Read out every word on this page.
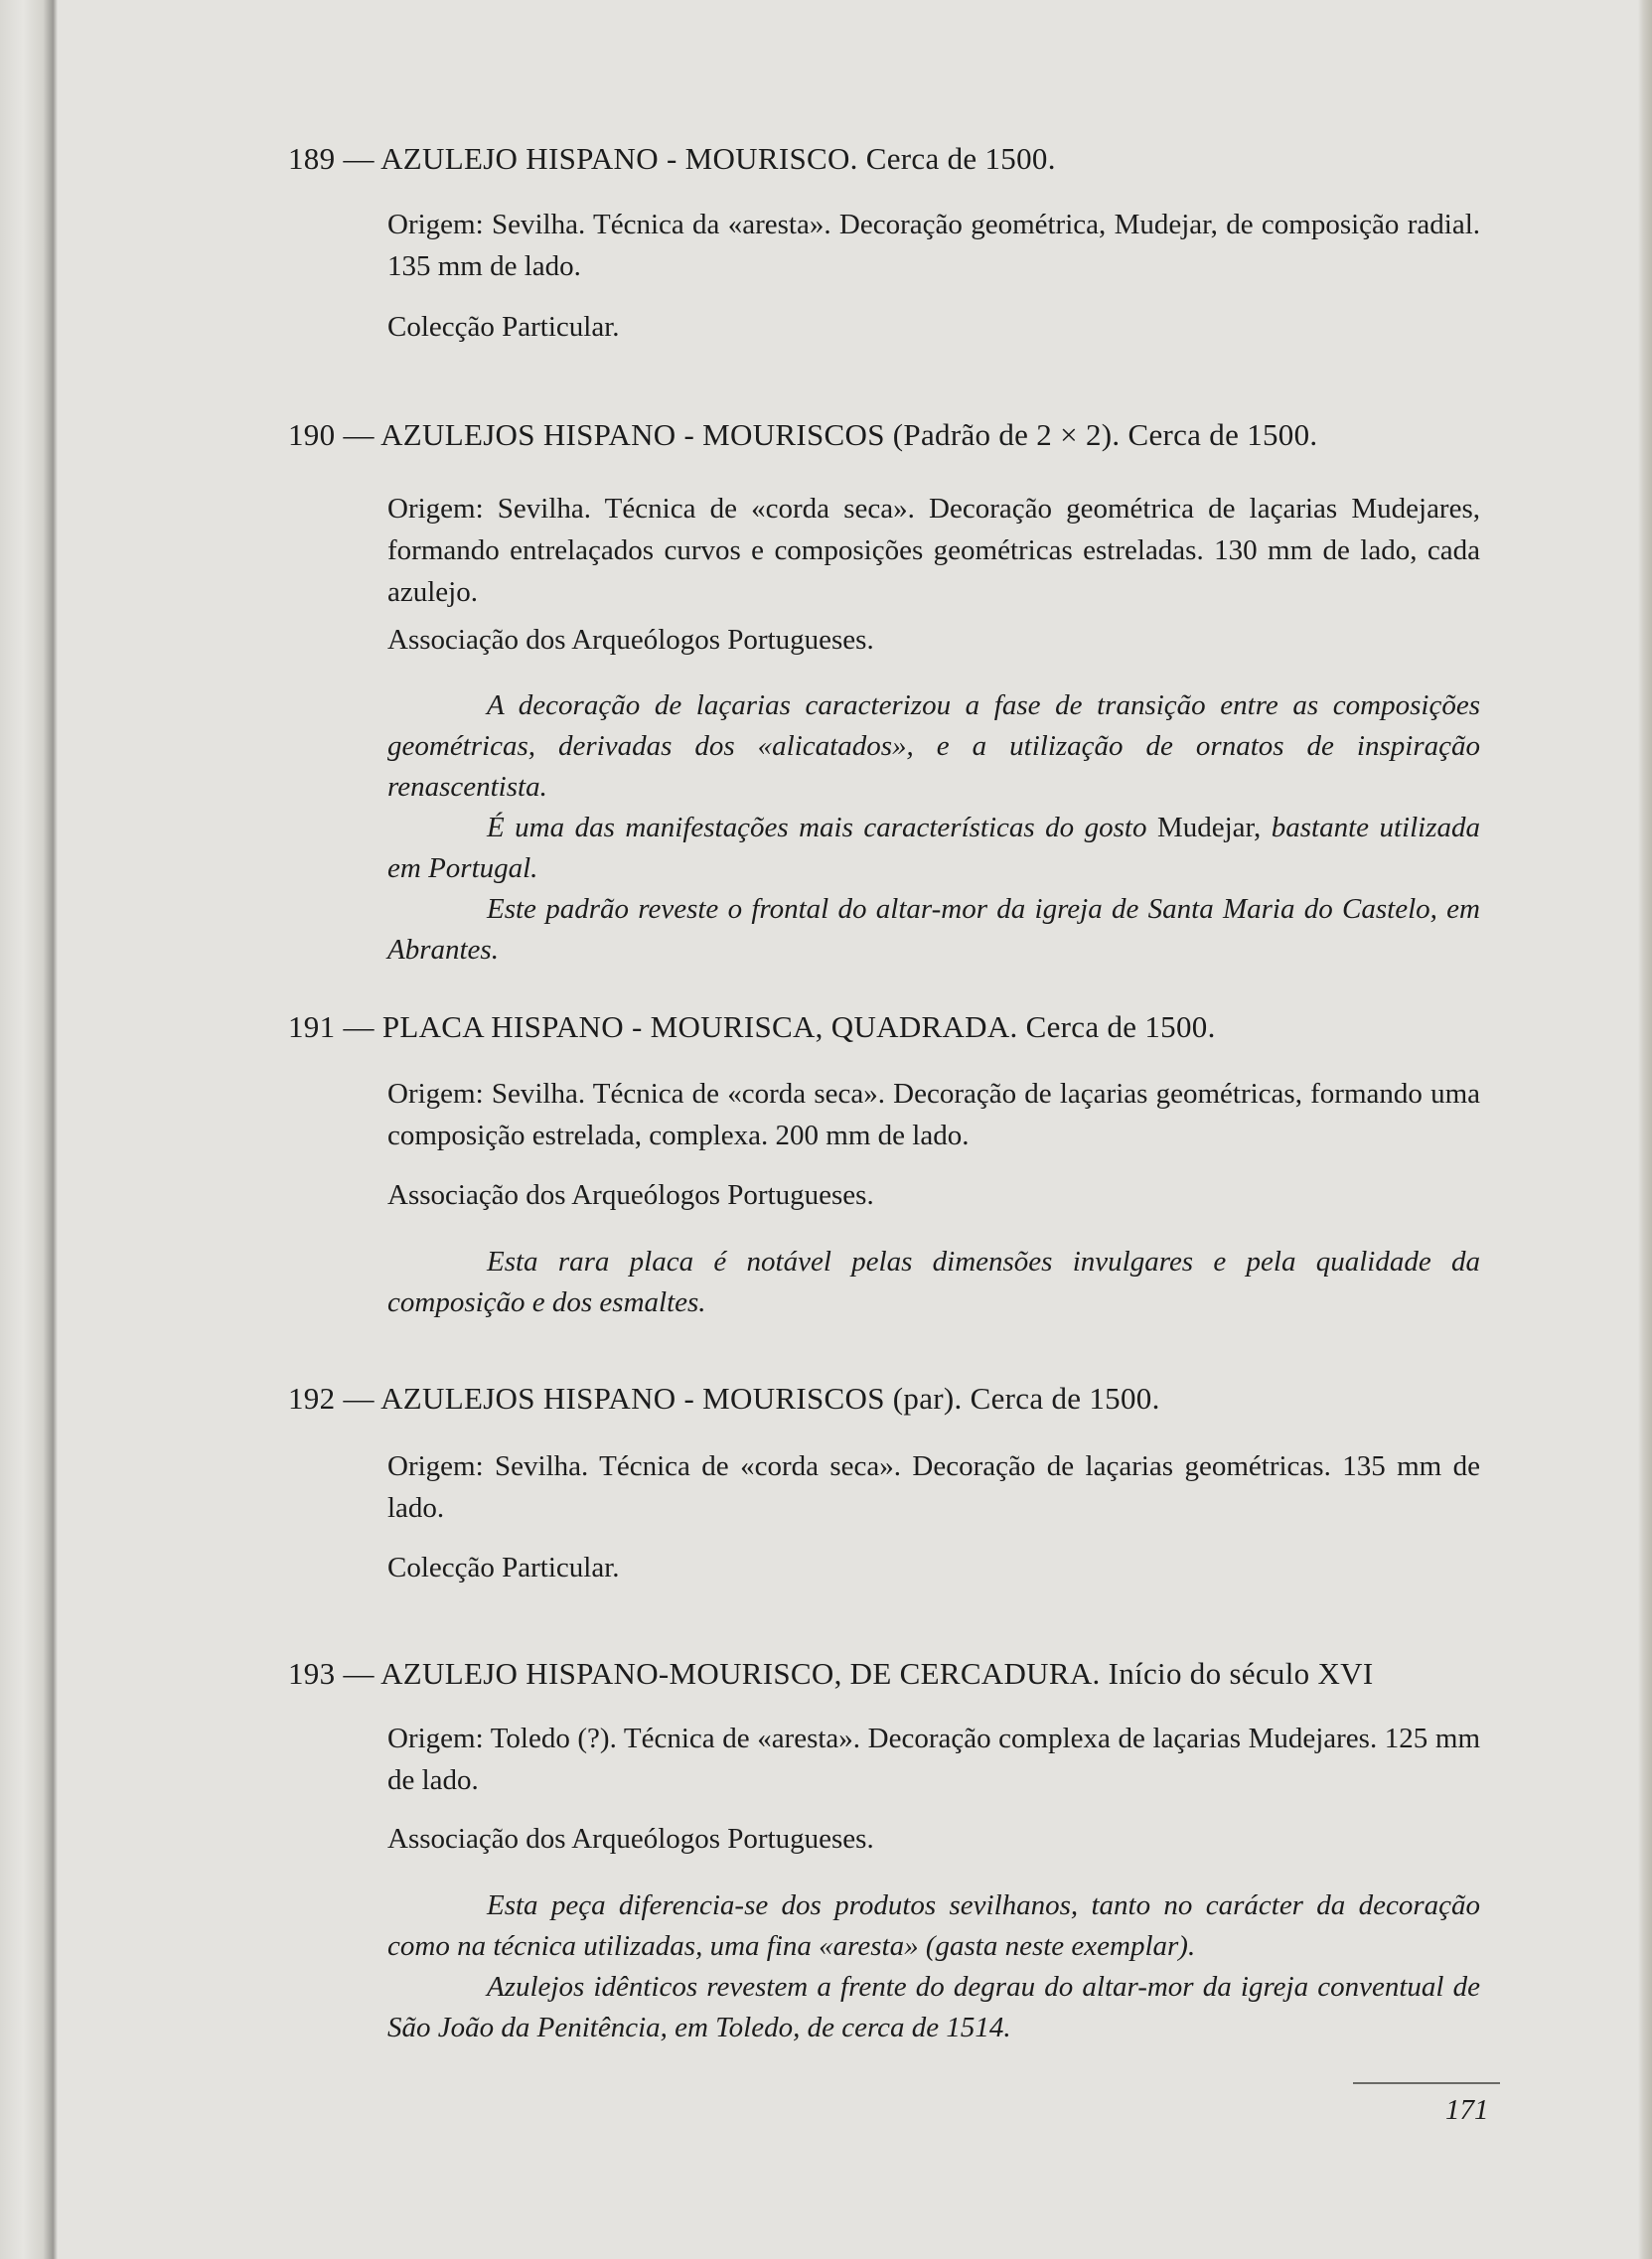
189 — AZULEJO HISPANO - MOURISCO. Cerca de 1500.
Origem: Sevilha. Técnica da «aresta». Decoração geométrica, Mudejar, de composição radial. 135 mm de lado.
Colecção Particular.
190 — AZULEJOS HISPANO - MOURISCOS (Padrão de 2 × 2). Cerca de 1500.
Origem: Sevilha. Técnica de «corda seca». Decoração geométrica de laçarias Mudejares, formando entrelaçados curvos e composições geométricas estreladas. 130 mm de lado, cada azulejo.
Associação dos Arqueólogos Portugueses.

A decoração de laçarias caracterizou a fase de transição entre as composições geométricas, derivadas dos «alicatados», e a utilização de ornatos de inspiração renascentista.

É uma das manifestações mais características do gosto Mudejar, bastante utilizada em Portugal.

Este padrão reveste o frontal do altar-mor da igreja de Santa Maria do Castelo, em Abrantes.

191 — PLACA HISPANO - MOURISCA, QUADRADA. Cerca de 1500.
Origem: Sevilha. Técnica de «corda seca». Decoração de laçarias geométricas, formando uma composição estrelada, complexa. 200 mm de lado.
Associação dos Arqueólogos Portugueses.

Esta rara placa é notável pelas dimensões invulgares e pela qualidade da composição e dos esmaltes.

192 — AZULEJOS HISPANO - MOURISCOS (par). Cerca de 1500.
Origem: Sevilha. Técnica de «corda seca». Decoração de laçarias geométricas. 135 mm de lado.
Colecção Particular.
193 — AZULEJO HISPANO-MOURISCO, DE CERCADURA. Início do século XVI
Origem: Toledo (?). Técnica de «aresta». Decoração complexa de laçarias Mudejares. 125 mm de lado.
Associação dos Arqueólogos Portugueses.

Esta peça diferencia-se dos produtos sevilhanos, tanto no carácter da decoração como na técnica utilizadas, uma fina «aresta» (gasta neste exemplar).

Azulejos idênticos revestem a frente do degrau do altar-mor da igreja conventual de São João da Penitência, em Toledo, de cerca de 1514.

171
